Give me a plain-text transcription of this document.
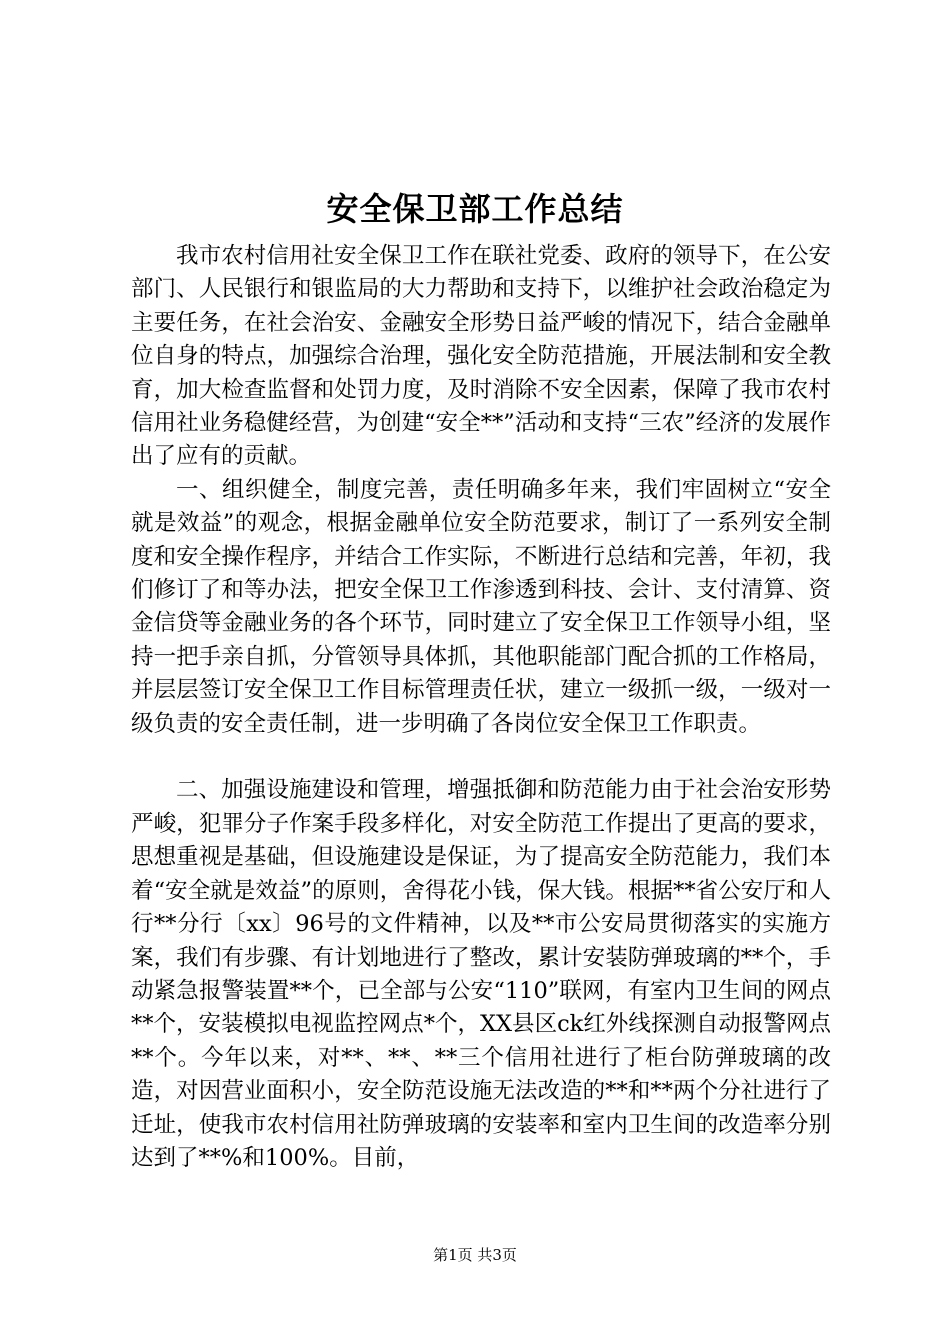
安全保卫部工作总结

我市农村信用社安全保卫工作在联社党委、政府的领导下，在公安部门、人民银行和银监局的大力帮助和支持下，以维护社会政治稳定为主要任务，在社会治安、金融安全形势日益严峻的情况下，结合金融单位自身的特点，加强综合治理，强化安全防范措施，开展法制和安全教育，加大检查监督和处罚力度，及时消除不安全因素，保障了我市农村信用社业务稳健经营，为创建“安全**”活动和支持“三农”经济的发展作出了应有的贡献。

一、组织健全，制度完善，责任明确多年来，我们牢固树立“安全就是效益”的观念，根据金融单位安全防范要求，制订了一系列安全制度和安全操作程序，并结合工作实际，不断进行总结和完善，年初，我们修订了和等办法，把安全保卫工作渗透到科技、会计、支付清算、资金信贷等金融业务的各个环节，同时建立了安全保卫工作领导小组，坚持一把手亲自抓，分管领导具体抓，其他职能部门配合抓的工作格局，并层层签订安全保卫工作目标管理责任状，建立一级抓一级，一级对一级负责的安全责任制，进一步明确了各岗位安全保卫工作职责。

二、加强设施建设和管理，增强抵御和防范能力由于社会治安形势严峻，犯罪分子作案手段多样化，对安全防范工作提出了更高的要求，思想重视是基础，但设施建设是保证，为了提高安全防范能力，我们本着“安全就是效益”的原则，舍得花小钱，保大钱。根据**省公安厅和人行**分行〔xx〕96号的文件精神，以及**市公安局贯彻落实的实施方案，我们有步骤、有计划地进行了整改，累计安装防弹玻璃的**个，手动紧急报警装置**个，已全部与公安“110”联网，有室内卫生间的网点**个，安装模拟电视监控网点*个，XX县区ck红外线探测自动报警网点**个。今年以来，对**、**、**三个信用社进行了柜台防弹玻璃的改造，对因营业面积小，安全防范设施无法改造的**和**两个分社进行了迁址，使我市农村信用社防弹玻璃的安装率和室内卫生间的改造率分别达到了**%和100%。目前，

第1页 共3页
